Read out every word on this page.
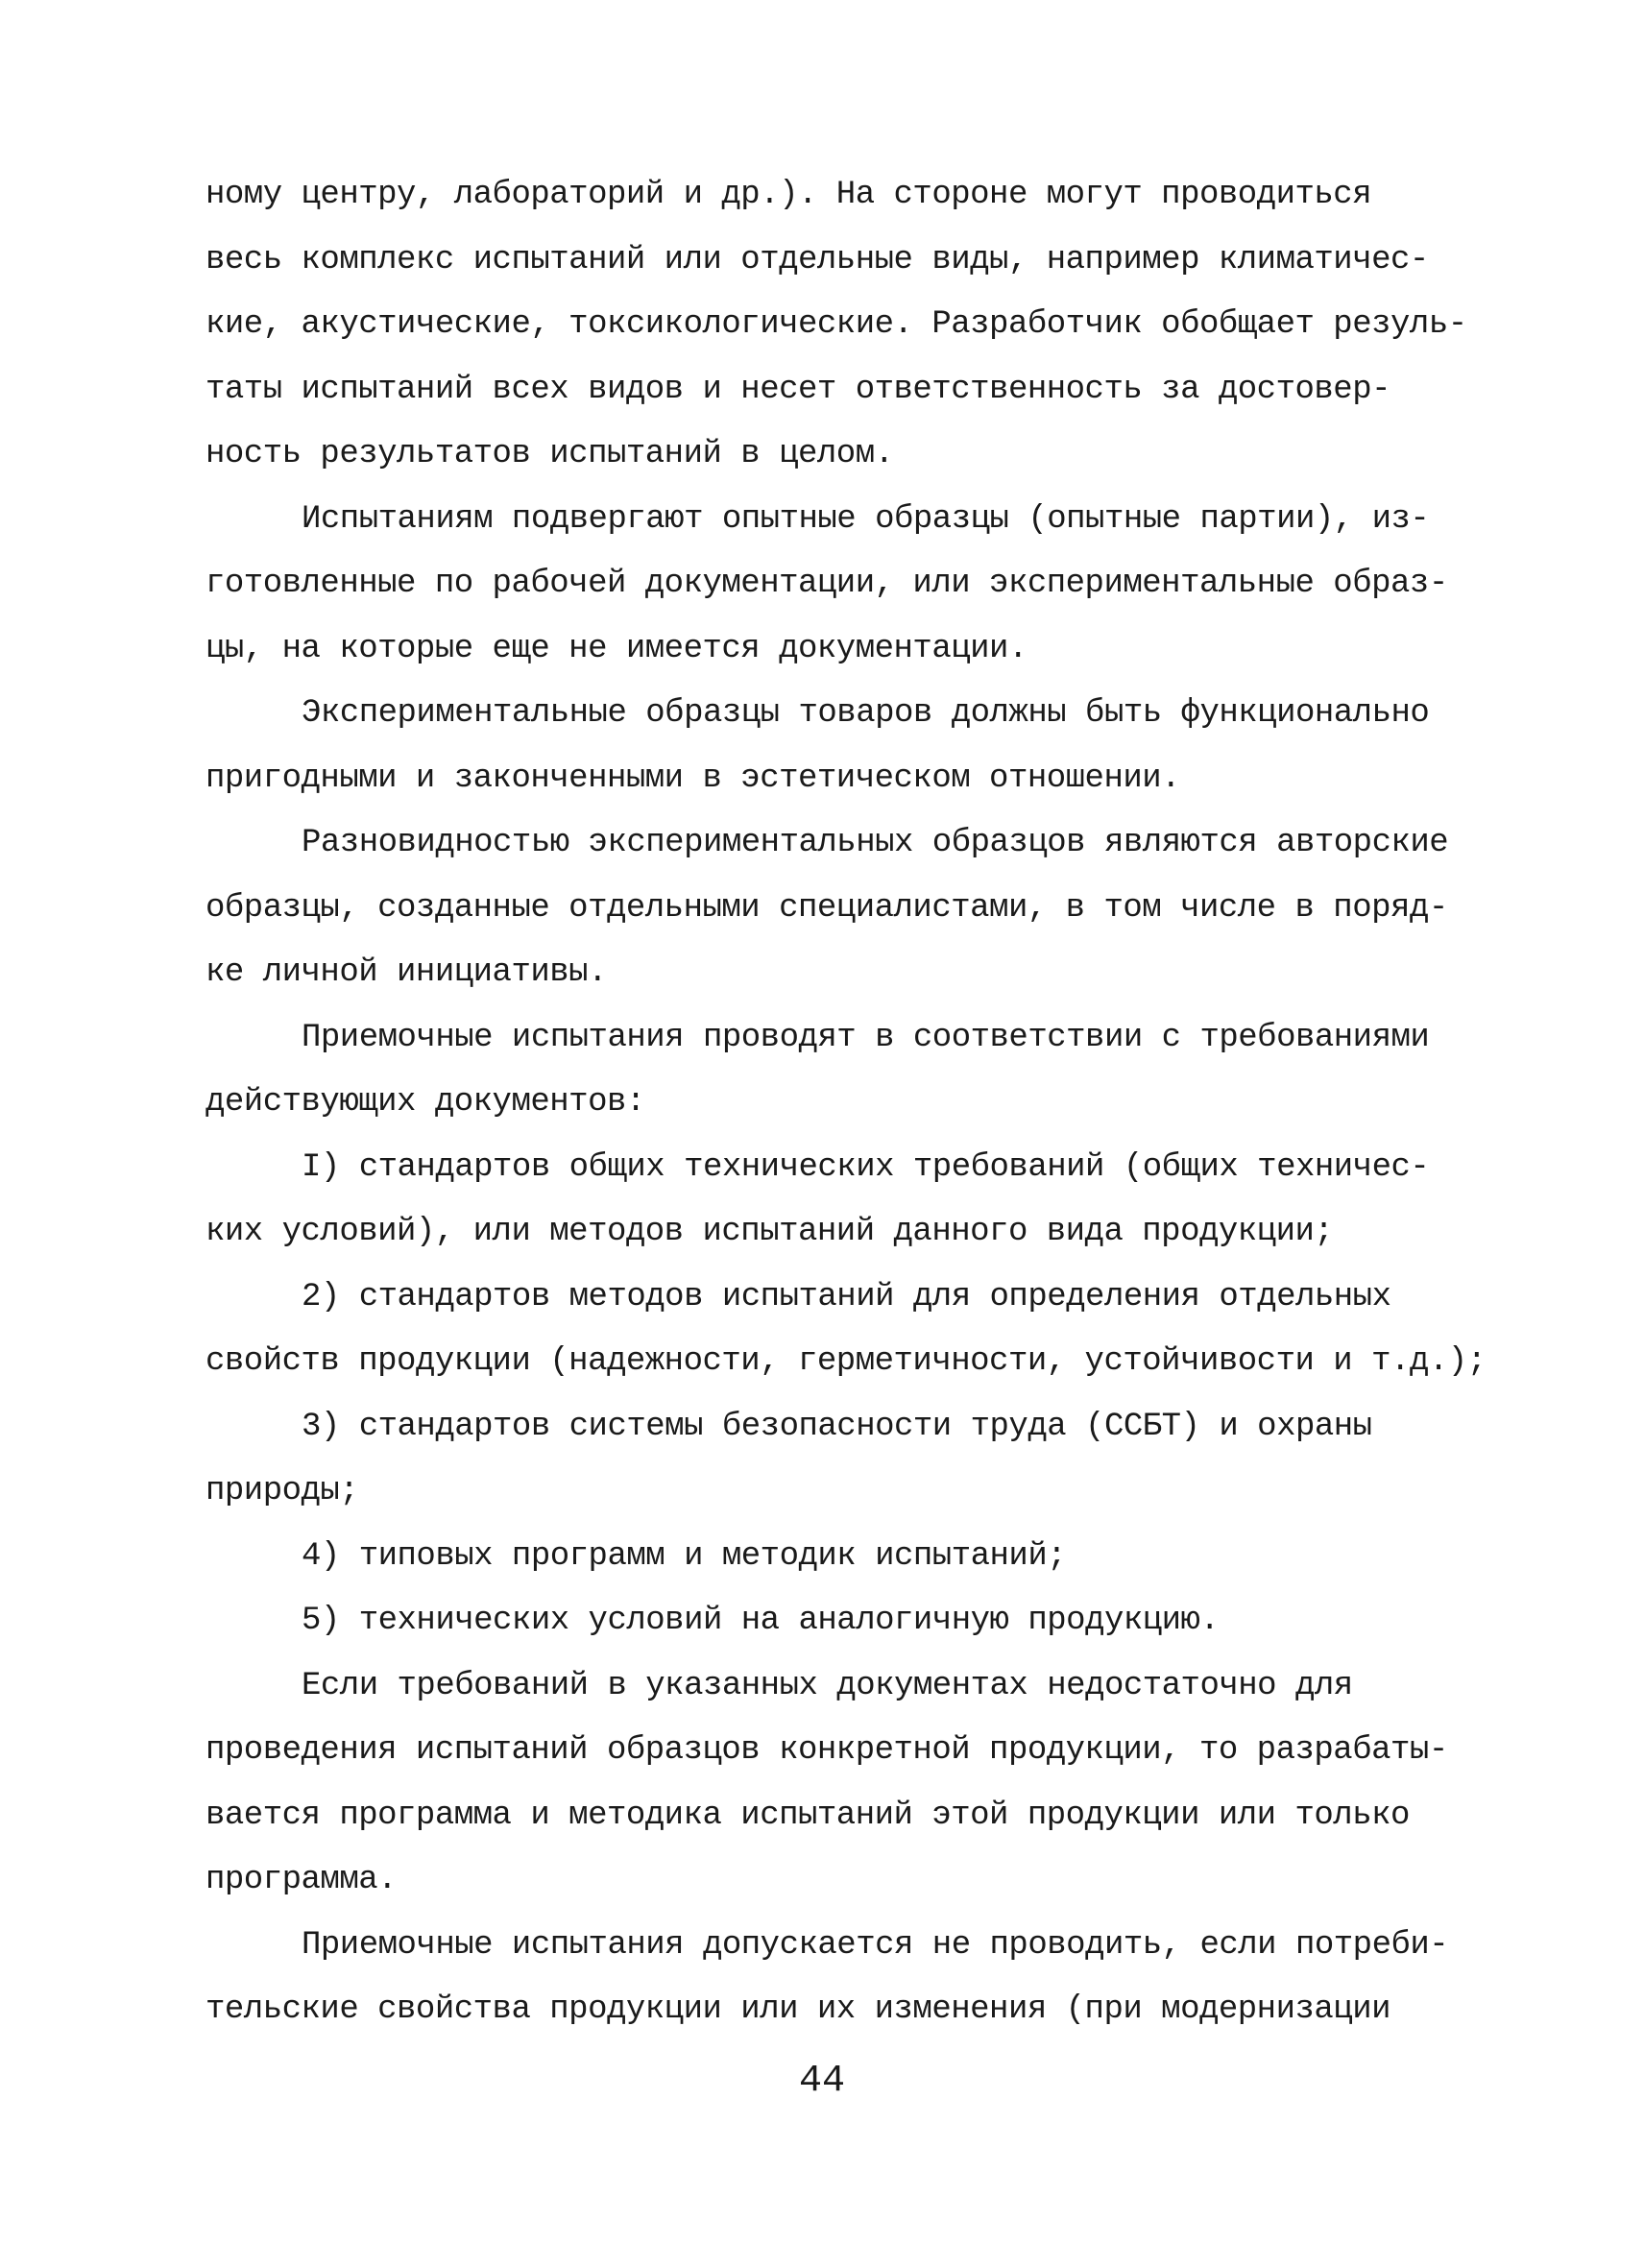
ному центру, лабораторий и др.). На стороне могут проводиться
весь комплекс испытаний или отдельные виды, например климатичес-
кие, акустические, токсикологические. Разработчик обобщает резуль-
таты испытаний всех видов и несет ответственность за достовер-
ность результатов испытаний в целом.
Испытаниям подвергают опытные образцы (опытные партии), из-
готовленные по рабочей документации, или экспериментальные образ-
цы, на которые еще не имеется документации.
Экспериментальные образцы товаров должны быть функционально
пригодными и законченными в эстетическом отношении.
Разновидностью экспериментальных образцов являются авторские
образцы, созданные отдельными специалистами, в том числе в поряд-
ке личной инициативы.
Приемочные испытания проводят в соответствии с требованиями
действующих документов:
I) стандартов общих технических требований (общих техничес-
ких условий), или методов испытаний данного вида продукции;
2) стандартов методов испытаний для определения отдельных
свойств продукции (надежности, герметичности, устойчивости и т.д.);
3) стандартов системы безопасности труда (ССБТ) и охраны
природы;
4) типовых программ и методик испытаний;
5) технических условий на аналогичную продукцию.
Если требований в указанных документах недостаточно для
проведения испытаний образцов конкретной продукции, то разрабаты-
вается программа и методика испытаний этой продукции или только
программа.
Приемочные испытания допускается не проводить, если потреби-
тельские свойства продукции или их изменения (при модернизации
44
